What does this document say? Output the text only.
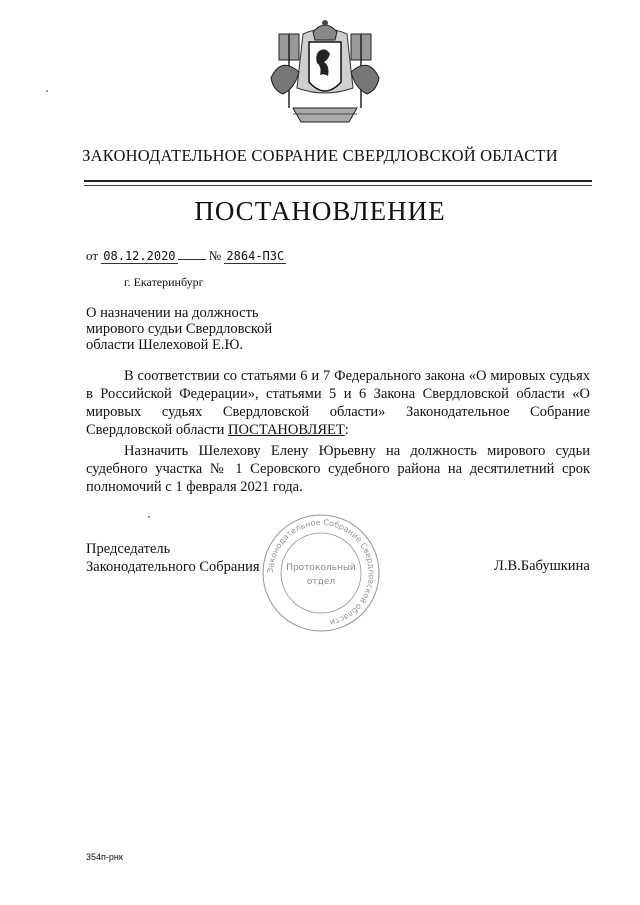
ЗАКОНОДАТЕЛЬНОЕ СОБРАНИЕ СВЕРДЛОВСКОЙ ОБЛАСТИ
ПОСТАНОВЛЕНИЕ
от 08.12.2020	№ 2864-ПЗС
г. Екатеринбург
О назначении на должность
мирового судьи Свердловской
области Шелеховой Е.Ю.
В соответствии со статьями 6 и 7 Федерального закона «О мировых судьях в Российской Федерации», статьями 5 и 6 Закона Свердловской области «О мировых судьях Свердловской области» Законодательное Собрание Свердловской области ПОСТАНОВЛЯЕТ:
Назначить Шелехову Елену Юрьевну на должность мирового судьи судебного участка № 1 Серовского судебного района на десятилетний срок полномочий с 1 февраля 2021 года.
Председатель
Законодательного Собрания	Л.В.Бабушкина
Законодательное Собрание Свердловской области
Протокольный
отдел
354п-рнк
